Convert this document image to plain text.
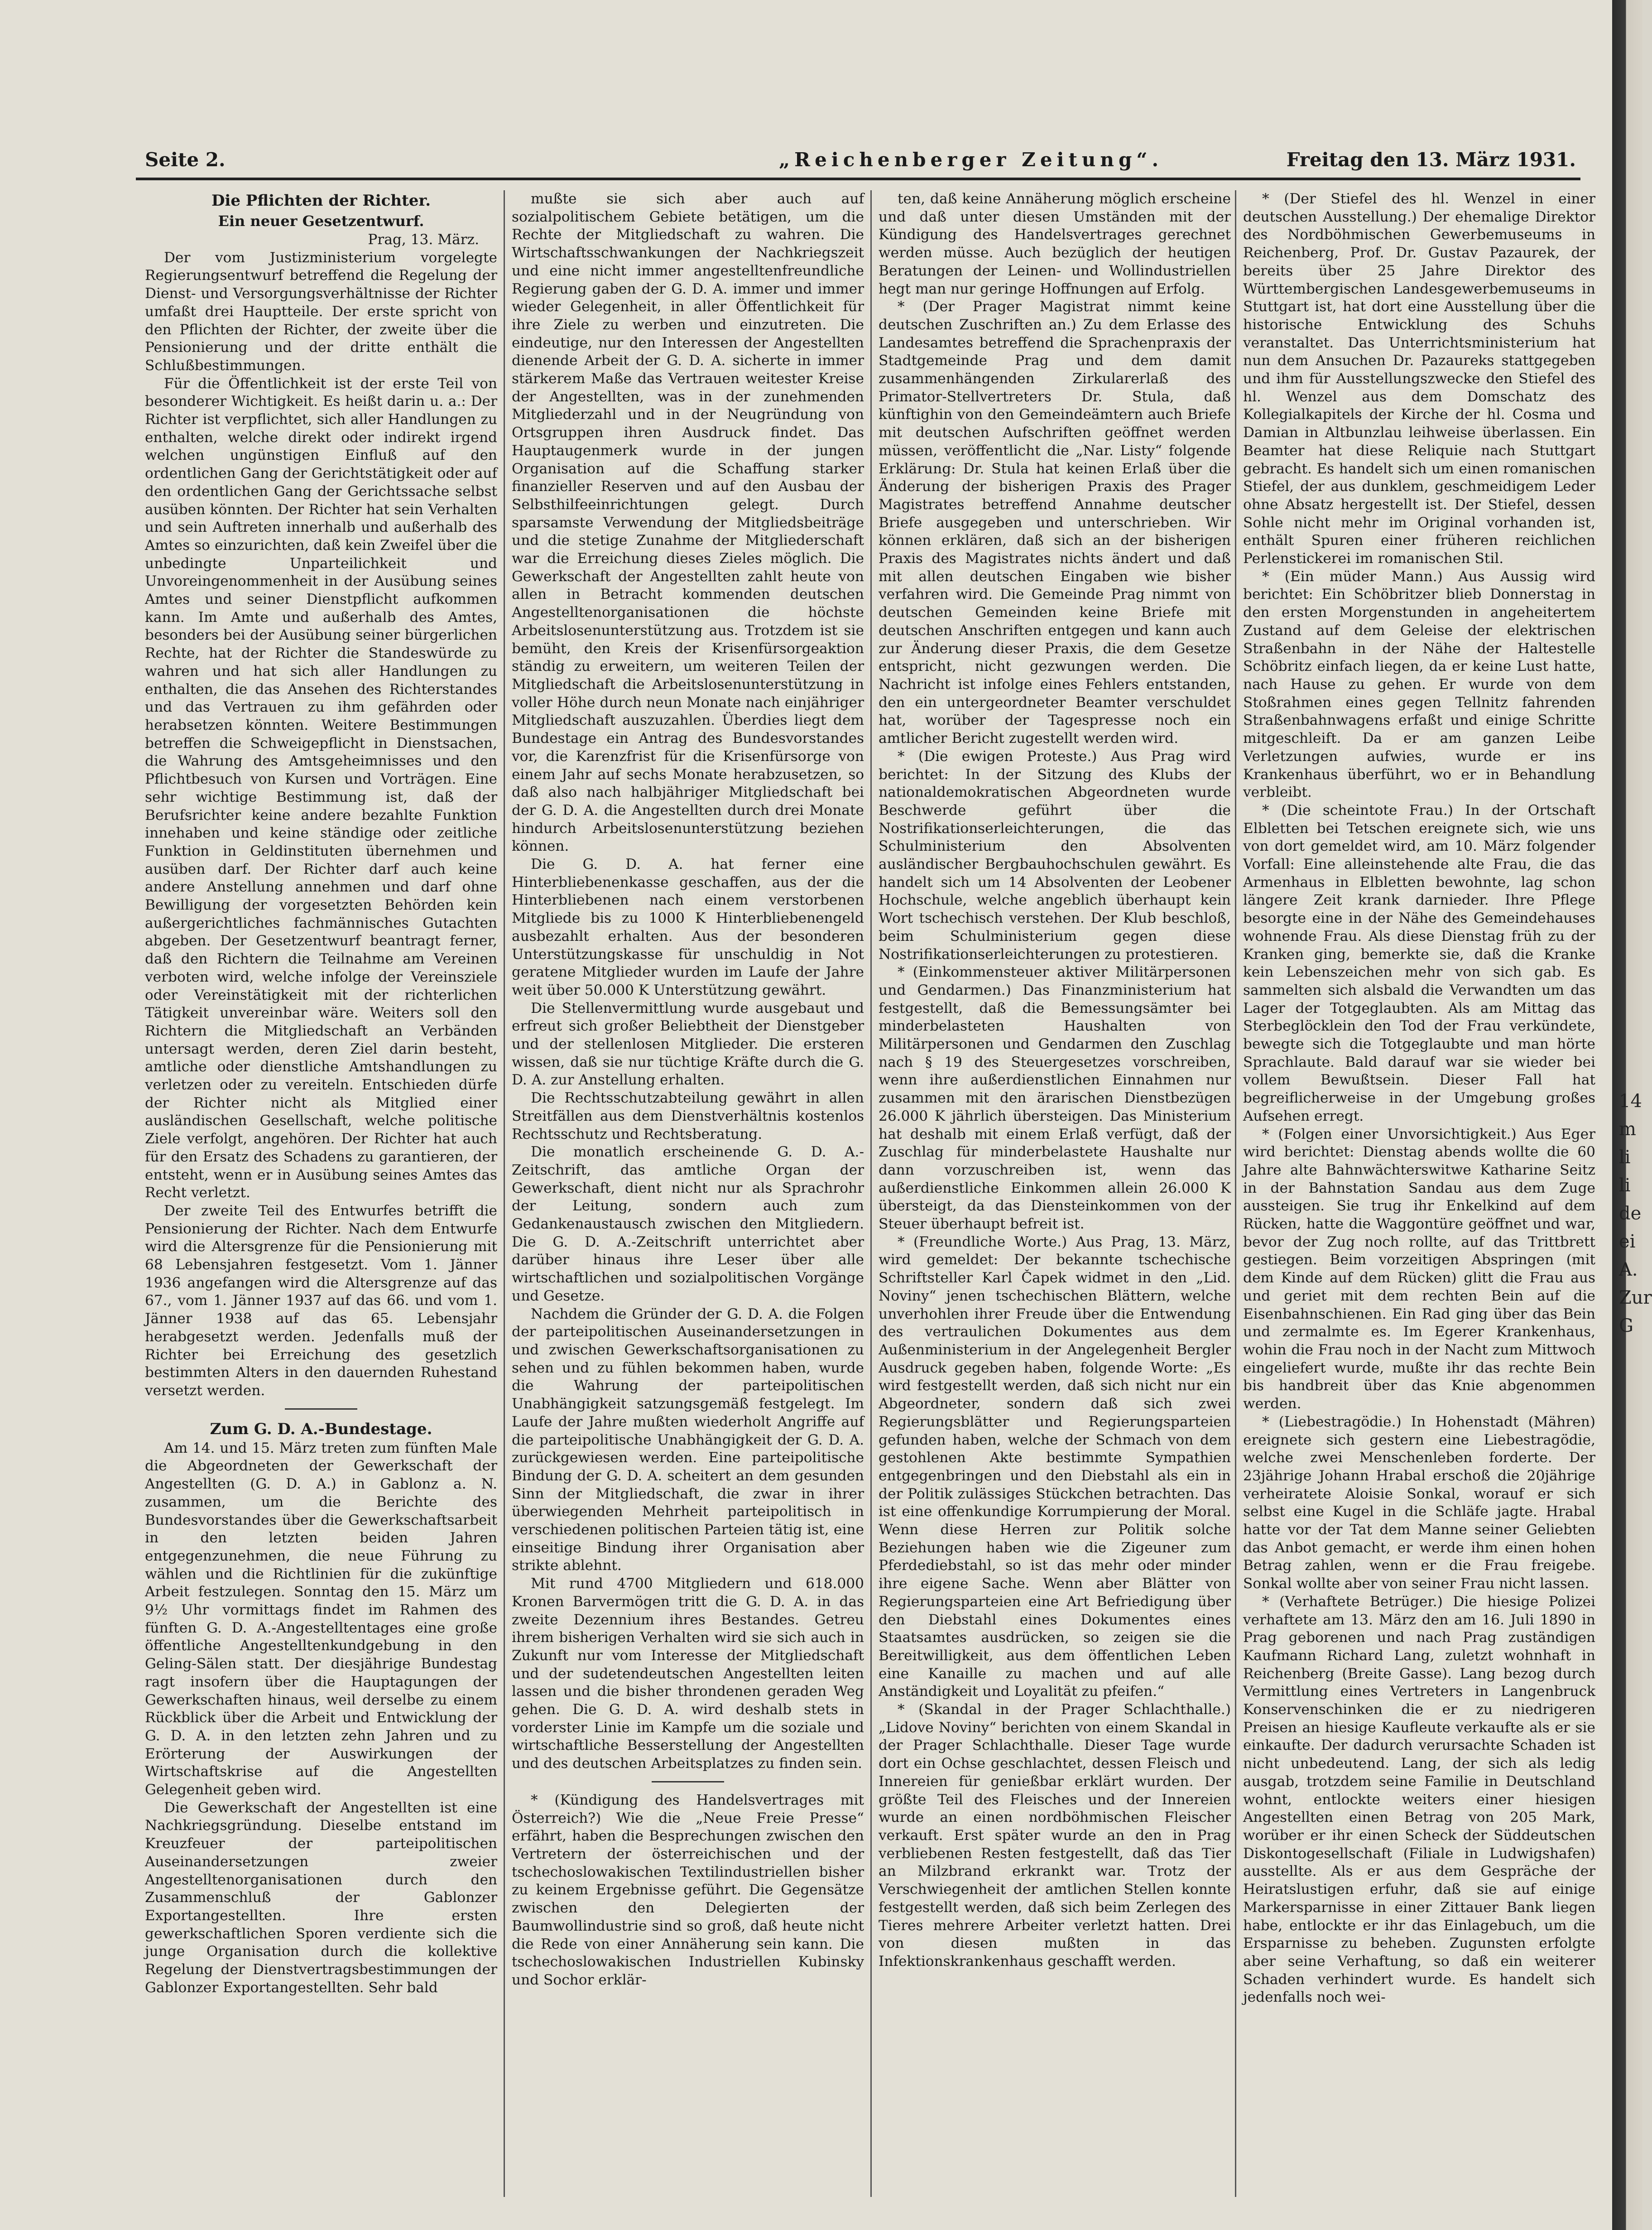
Seite 2.	„Reichenberger Zeitung“.	Freitag den 13. März 1931.

Die Pflichten der Richter.

Ein neuer Gesetzentwurf.

Prag, 13. März.

Der vom Justizministerium vorgelegte Regierungsentwurf betreffend die Regelung der Dienst- und Versorgungsverhältnisse der Richter umfaßt drei Hauptteile. Der erste spricht von den Pflichten der Richter, der zweite über die Pensionierung und der dritte enthält die Schlußbestimmungen.

Für die Öffentlichkeit ist der erste Teil von besonderer Wichtigkeit. Es heißt darin u. a.: Der Richter ist verpflichtet, sich aller Handlungen zu enthalten, welche direkt oder indirekt irgend welchen ungünstigen Einfluß auf den ordentlichen Gang der Gerichtstätigkeit oder auf den ordentlichen Gang der Gerichtssache selbst ausüben könnten. Der Richter hat sein Verhalten und sein Auftreten innerhalb und außerhalb des Amtes so einzurichten, daß kein Zweifel über die unbedingte Unparteilichkeit und Unvoreingenommenheit in der Ausübung seines Amtes und seiner Dienstpflicht aufkommen kann. Im Amte und außerhalb des Amtes, besonders bei der Ausübung seiner bürgerlichen Rechte, hat der Richter die Standeswürde zu wahren und hat sich aller Handlungen zu enthalten, die das Ansehen des Richterstandes und das Vertrauen zu ihm gefährden oder herabsetzen könnten. Weitere Bestimmungen betreffen die Schweigepflicht in Dienstsachen, die Wahrung des Amtsgeheimnisses und den Pflichtbesuch von Kursen und Vorträgen. Eine sehr wichtige Bestimmung ist, daß der Berufsrichter keine andere bezahlte Funktion innehaben und keine ständige oder zeitliche Funktion in Geldinstituten übernehmen und ausüben darf. Der Richter darf auch keine andere Anstellung annehmen und darf ohne Bewilligung der vorgesetzten Behörden kein außergerichtliches fachmännisches Gutachten abgeben. Der Gesetzentwurf beantragt ferner, daß den Richtern die Teilnahme am Vereinen verboten wird, welche infolge der Vereinsziele oder Vereinstätigkeit mit der richterlichen Tätigkeit unvereinbar wäre. Weiters soll den Richtern die Mitgliedschaft an Verbänden untersagt werden, deren Ziel darin besteht, amtliche oder dienstliche Amtshandlungen zu verletzen oder zu vereiteln. Entschieden dürfe der Richter nicht als Mitglied einer ausländischen Gesellschaft, welche politische Ziele verfolgt, angehören. Der Richter hat auch für den Ersatz des Schadens zu garantieren, der entsteht, wenn er in Ausübung seines Amtes das Recht verletzt.

Der zweite Teil des Entwurfes betrifft die Pensionierung der Richter. Nach dem Entwurfe wird die Altersgrenze für die Pensionierung mit 68 Lebensjahren festgesetzt. Vom 1. Jänner 1936 angefangen wird die Altersgrenze auf das 67., vom 1. Jänner 1937 auf das 66. und vom 1. Jänner 1938 auf das 65. Lebensjahr herabgesetzt werden. Jedenfalls muß der Richter bei Erreichung des gesetzlich bestimmten Alters in den dauernden Ruhestand versetzt werden.

Zum G. D. A.-Bundestage.

Am 14. und 15. März treten zum fünften Male die Abgeordneten der Gewerkschaft der Angestellten (G. D. A.) in Gablonz a. N. zusammen, um die Berichte des Bundesvorstandes über die Gewerkschaftsarbeit in den letzten beiden Jahren entgegenzunehmen, die neue Führung zu wählen und die Richtlinien für die zukünftige Arbeit festzulegen. Sonntag den 15. März um 9½ Uhr vormittags findet im Rahmen des fünften G. D. A.-Angestelltentages eine große öffentliche Angestelltenkundgebung in den Geling-Sälen statt. Der diesjährige Bundestag ragt insofern über die Hauptagungen der Gewerkschaften hinaus, weil derselbe zu einem Rückblick über die Arbeit und Entwicklung der G. D. A. in den letzten zehn Jahren und zu Erörterung der Auswirkungen der Wirtschaftskrise auf die Angestellten Gelegenheit geben wird.

Die Gewerkschaft der Angestellten ist eine Nachkriegsgründung. Dieselbe entstand im Kreuzfeuer der parteipolitischen Auseinandersetzungen zweier Angestelltenorganisationen durch den Zusammenschluß der Gablonzer Exportangestellten. Ihre ersten gewerkschaftlichen Sporen verdiente sich die junge Organisation durch die kollektive Regelung der Dienstvertragsbestimmungen der Gablonzer Exportangestellten. Sehr bald

mußte sie sich aber auch auf sozialpolitischem Gebiete betätigen, um die Rechte der Mitgliedschaft zu wahren. Die Wirtschaftsschwankungen der Nachkriegszeit und eine nicht immer angestelltenfreundliche Regierung gaben der G. D. A. immer und immer wieder Gelegenheit, in aller Öffentlichkeit für ihre Ziele zu werben und einzutreten. Die eindeutige, nur den Interessen der Angestellten dienende Arbeit der G. D. A. sicherte in immer stärkerem Maße das Vertrauen weitester Kreise der Angestellten, was in der zunehmenden Mitgliederzahl und in der Neugründung von Ortsgruppen ihren Ausdruck findet. Das Hauptaugenmerk wurde in der jungen Organisation auf die Schaffung starker finanzieller Reserven und auf den Ausbau der Selbsthilfeeinrichtungen gelegt. Durch sparsamste Verwendung der Mitgliedsbeiträge und die stetige Zunahme der Mitgliederschaft war die Erreichung dieses Zieles möglich. Die Gewerkschaft der Angestellten zahlt heute von allen in Betracht kommenden deutschen Angestelltenorganisationen die höchste Arbeitslosenunterstützung aus. Trotzdem ist sie bemüht, den Kreis der Krisenfürsorgeaktion ständig zu erweitern, um weiteren Teilen der Mitgliedschaft die Arbeitslosenunterstützung in voller Höhe durch neun Monate nach einjähriger Mitgliedschaft auszuzahlen. Überdies liegt dem Bundestage ein Antrag des Bundesvorstandes vor, die Karenzfrist für die Krisenfürsorge von einem Jahr auf sechs Monate herabzusetzen, so daß also nach halbjähriger Mitgliedschaft bei der G. D. A. die Angestellten durch drei Monate hindurch Arbeitslosenunterstützung beziehen können.

Die G. D. A. hat ferner eine Hinterbliebenenkasse geschaffen, aus der die Hinterbliebenen nach einem verstorbenen Mitgliede bis zu 1000 K Hinterbliebenengeld ausbezahlt erhalten. Aus der besonderen Unterstützungskasse für unschuldig in Not geratene Mitglieder wurden im Laufe der Jahre weit über 50.000 K Unterstützung gewährt.

Die Stellenvermittlung wurde ausgebaut und erfreut sich großer Beliebtheit der Dienstgeber und der stellenlosen Mitglieder. Die ersteren wissen, daß sie nur tüchtige Kräfte durch die G. D. A. zur Anstellung erhalten.

Die Rechtsschutzabteilung gewährt in allen Streitfällen aus dem Dienstverhältnis kostenlos Rechtsschutz und Rechtsberatung.

Die monatlich erscheinende G. D. A.-Zeitschrift, das amtliche Organ der Gewerkschaft, dient nicht nur als Sprachrohr der Leitung, sondern auch zum Gedankenaustausch zwischen den Mitgliedern. Die G. D. A.-Zeitschrift unterrichtet aber darüber hinaus ihre Leser über alle wirtschaftlichen und sozialpolitischen Vorgänge und Gesetze.

Nachdem die Gründer der G. D. A. die Folgen der parteipolitischen Auseinandersetzungen in und zwischen Gewerkschaftsorganisationen zu sehen und zu fühlen bekommen haben, wurde die Wahrung der parteipolitischen Unabhängigkeit satzungsgemäß festgelegt. Im Laufe der Jahre mußten wiederholt Angriffe auf die parteipolitische Unabhängigkeit der G. D. A. zurückgewiesen werden. Eine parteipolitische Bindung der G. D. A. scheitert an dem gesunden Sinn der Mitgliedschaft, die zwar in ihrer überwiegenden Mehrheit parteipolitisch in verschiedenen politischen Parteien tätig ist, eine einseitige Bindung ihrer Organisation aber strikte ablehnt.

Mit rund 4700 Mitgliedern und 618.000 Kronen Barvermögen tritt die G. D. A. in das zweite Dezennium ihres Bestandes. Getreu ihrem bisherigen Verhalten wird sie sich auch in Zukunft nur vom Interesse der Mitgliedschaft und der sudetendeutschen Angestellten leiten lassen und die bisher throndenen geraden Weg gehen. Die G. D. A. wird deshalb stets in vorderster Linie im Kampfe um die soziale und wirtschaftliche Besserstellung der Angestellten und des deutschen Arbeitsplatzes zu finden sein.

* (Kündigung des Handelsvertrages mit Österreich?) Wie die „Neue Freie Presse“ erfährt, haben die Besprechungen zwischen den Vertretern der österreichischen und der tschechoslowakischen Textilindustriellen bisher zu keinem Ergebnisse geführt. Die Gegensätze zwischen den Delegierten der Baumwollindustrie sind so groß, daß heute nicht die Rede von einer Annäherung sein kann. Die tschechoslowakischen Industriellen Kubinsky und Sochor erklär-

ten, daß keine Annäherung möglich erscheine und daß unter diesen Umständen mit der Kündigung des Handelsvertrages gerechnet werden müsse. Auch bezüglich der heutigen Beratungen der Leinen- und Wollindustriellen hegt man nur geringe Hoffnungen auf Erfolg.

* (Der Prager Magistrat nimmt keine deutschen Zuschriften an.) Zu dem Erlasse des Landesamtes betreffend die Sprachenpraxis der Stadtgemeinde Prag und dem damit zusammenhängenden Zirkularerlaß des Primator-Stellvertreters Dr. Stula, daß künftighin von den Gemeindeämtern auch Briefe mit deutschen Aufschriften geöffnet werden müssen, veröffentlicht die „Nar. Listy“ folgende Erklärung: Dr. Stula hat keinen Erlaß über die Änderung der bisherigen Praxis des Prager Magistrates betreffend Annahme deutscher Briefe ausgegeben und unterschrieben. Wir können erklären, daß sich an der bisherigen Praxis des Magistrates nichts ändert und daß mit allen deutschen Eingaben wie bisher verfahren wird. Die Gemeinde Prag nimmt von deutschen Gemeinden keine Briefe mit deutschen Anschriften entgegen und kann auch zur Änderung dieser Praxis, die dem Gesetze entspricht, nicht gezwungen werden. Die Nachricht ist infolge eines Fehlers entstanden, den ein untergeordneter Beamter verschuldet hat, worüber der Tagespresse noch ein amtlicher Bericht zugestellt werden wird.

* (Die ewigen Proteste.) Aus Prag wird berichtet: In der Sitzung des Klubs der nationaldemokratischen Abgeordneten wurde Beschwerde geführt über die Nostrifikationserleichterungen, die das Schulministerium den Absolventen ausländischer Bergbauhochschulen gewährt. Es handelt sich um 14 Absolventen der Leobener Hochschule, welche angeblich überhaupt kein Wort tschechisch verstehen. Der Klub beschloß, beim Schulministerium gegen diese Nostrifikationserleichterungen zu protestieren.

* (Einkommensteuer aktiver Militärpersonen und Gendarmen.) Das Finanzministerium hat festgestellt, daß die Bemessungsämter bei minderbelasteten Haushalten von Militärpersonen und Gendarmen den Zuschlag nach § 19 des Steuergesetzes vorschreiben, wenn ihre außerdienstlichen Einnahmen nur zusammen mit den ärarischen Dienstbezügen 26.000 K jährlich übersteigen. Das Ministerium hat deshalb mit einem Erlaß verfügt, daß der Zuschlag für minderbelastete Haushalte nur dann vorzuschreiben ist, wenn das außerdienstliche Einkommen allein 26.000 K übersteigt, da das Diensteinkommen von der Steuer überhaupt befreit ist.

* (Freundliche Worte.) Aus Prag, 13. März, wird gemeldet: Der bekannte tschechische Schriftsteller Karl Čapek widmet in den „Lid. Noviny“ jenen tschechischen Blättern, welche unverhohlen ihrer Freude über die Entwendung des vertraulichen Dokumentes aus dem Außenministerium in der Angelegenheit Bergler Ausdruck gegeben haben, folgende Worte: „Es wird festgestellt werden, daß sich nicht nur ein Abgeordneter, sondern daß sich zwei Regierungsblätter und Regierungsparteien gefunden haben, welche der Schmach von dem gestohlenen Akte bestimmte Sympathien entgegenbringen und den Diebstahl als ein in der Politik zulässiges Stückchen betrachten. Das ist eine offenkundige Korrumpierung der Moral. Wenn diese Herren zur Politik solche Beziehungen haben wie die Zigeuner zum Pferdediebstahl, so ist das mehr oder minder ihre eigene Sache. Wenn aber Blätter von Regierungsparteien eine Art Befriedigung über den Diebstahl eines Dokumentes eines Staatsamtes ausdrücken, so zeigen sie die Bereitwilligkeit, aus dem öffentlichen Leben eine Kanaille zu machen und auf alle Anständigkeit und Loyalität zu pfeifen.“

* (Skandal in der Prager Schlachthalle.) „Lidove Noviny“ berichten von einem Skandal in der Prager Schlachthalle. Dieser Tage wurde dort ein Ochse geschlachtet, dessen Fleisch und Innereien für genießbar erklärt wurden. Der größte Teil des Fleisches und der Innereien wurde an einen nordböhmischen Fleischer verkauft. Erst später wurde an den in Prag verbliebenen Resten festgestellt, daß das Tier an Milzbrand erkrankt war. Trotz der Verschwiegenheit der amtlichen Stellen konnte festgestellt werden, daß sich beim Zerlegen des Tieres mehrere Arbeiter verletzt hatten. Drei von diesen mußten in das Infektionskrankenhaus geschafft werden.

* (Der Stiefel des hl. Wenzel in einer deutschen Ausstellung.) Der ehemalige Direktor des Nordböhmischen Gewerbemuseums in Reichenberg, Prof. Dr. Gustav Pazaurek, der bereits über 25 Jahre Direktor des Württembergischen Landesgewerbemuseums in Stuttgart ist, hat dort eine Ausstellung über die historische Entwicklung des Schuhs veranstaltet. Das Unterrichtsministerium hat nun dem Ansuchen Dr. Pazaureks stattgegeben und ihm für Ausstellungszwecke den Stiefel des hl. Wenzel aus dem Domschatz des Kollegialkapitels der Kirche der hl. Cosma und Damian in Altbunzlau leihweise überlassen. Ein Beamter hat diese Reliquie nach Stuttgart gebracht. Es handelt sich um einen romanischen Stiefel, der aus dunklem, geschmeidigem Leder ohne Absatz hergestellt ist. Der Stiefel, dessen Sohle nicht mehr im Original vorhanden ist, enthält Spuren einer früheren reichlichen Perlenstickerei im romanischen Stil.

* (Ein müder Mann.) Aus Aussig wird berichtet: Ein Schöbritzer blieb Donnerstag in den ersten Morgenstunden in angeheitertem Zustand auf dem Geleise der elektrischen Straßenbahn in der Nähe der Haltestelle Schöbritz einfach liegen, da er keine Lust hatte, nach Hause zu gehen. Er wurde von dem Stoßrahmen eines gegen Tellnitz fahrenden Straßenbahnwagens erfaßt und einige Schritte mitgeschleift. Da er am ganzen Leibe Verletzungen aufwies, wurde er ins Krankenhaus überführt, wo er in Behandlung verbleibt.

* (Die scheintote Frau.) In der Ortschaft Elbletten bei Tetschen ereignete sich, wie uns von dort gemeldet wird, am 10. März folgender Vorfall: Eine alleinstehende alte Frau, die das Armenhaus in Elbletten bewohnte, lag schon längere Zeit krank darnieder. Ihre Pflege besorgte eine in der Nähe des Gemeindehauses wohnende Frau. Als diese Dienstag früh zu der Kranken ging, bemerkte sie, daß die Kranke kein Lebenszeichen mehr von sich gab. Es sammelten sich alsbald die Verwandten um das Lager der Totgeglaubten. Als am Mittag das Sterbeglöcklein den Tod der Frau verkündete, bewegte sich die Totgeglaubte und man hörte Sprachlaute. Bald darauf war sie wieder bei vollem Bewußtsein. Dieser Fall hat begreiflicherweise in der Umgebung großes Aufsehen erregt.

* (Folgen einer Unvorsichtigkeit.) Aus Eger wird berichtet: Dienstag abends wollte die 60 Jahre alte Bahnwächterswitwe Katharine Seitz in der Bahnstation Sandau aus dem Zuge aussteigen. Sie trug ihr Enkelkind auf dem Rücken, hatte die Waggontüre geöffnet und war, bevor der Zug noch rollte, auf das Trittbrett gestiegen. Beim vorzeitigen Abspringen (mit dem Kinde auf dem Rücken) glitt die Frau aus und geriet mit dem rechten Bein auf die Eisenbahnschienen. Ein Rad ging über das Bein und zermalmte es. Im Egerer Krankenhaus, wohin die Frau noch in der Nacht zum Mittwoch eingeliefert wurde, mußte ihr das rechte Bein bis handbreit über das Knie abgenommen werden.

* (Liebestragödie.) In Hohenstadt (Mähren) ereignete sich gestern eine Liebestragödie, welche zwei Menschenleben forderte. Der 23jährige Johann Hrabal erschoß die 20jährige verheiratete Aloisie Sonkal, worauf er sich selbst eine Kugel in die Schläfe jagte. Hrabal hatte vor der Tat dem Manne seiner Geliebten das Anbot gemacht, er werde ihm einen hohen Betrag zahlen, wenn er die Frau freigebe. Sonkal wollte aber von seiner Frau nicht lassen.

* (Verhaftete Betrüger.) Die hiesige Polizei verhaftete am 13. März den am 16. Juli 1890 in Prag geborenen und nach Prag zuständigen Kaufmann Richard Lang, zuletzt wohnhaft in Reichenberg (Breite Gasse). Lang bezog durch Vermittlung eines Vertreters in Langenbruck Konservenschinken die er zu niedrigeren Preisen an hiesige Kaufleute verkaufte als er sie einkaufte. Der dadurch verursachte Schaden ist nicht unbedeutend. Lang, der sich als ledig ausgab, trotzdem seine Familie in Deutschland wohnt, entlockte weiters einer hiesigen Angestellten einen Betrag von 205 Mark, worüber er ihr einen Scheck der Süddeutschen Diskontogesellschaft (Filiale in Ludwigshafen) ausstellte. Als er aus dem Gespräche der Heiratslustigen erfuhr, daß sie auf einige Markersparnisse in einer Zittauer Bank liegen habe, entlockte er ihr das Einlagebuch, um die Ersparnisse zu beheben. Zugunsten erfolgte aber seine Verhaftung, so daß ein weiterer Schaden verhindert wurde. Es handelt sich jedenfalls noch wei-

14
m
li
li
de
ei
A.
Zur
G
